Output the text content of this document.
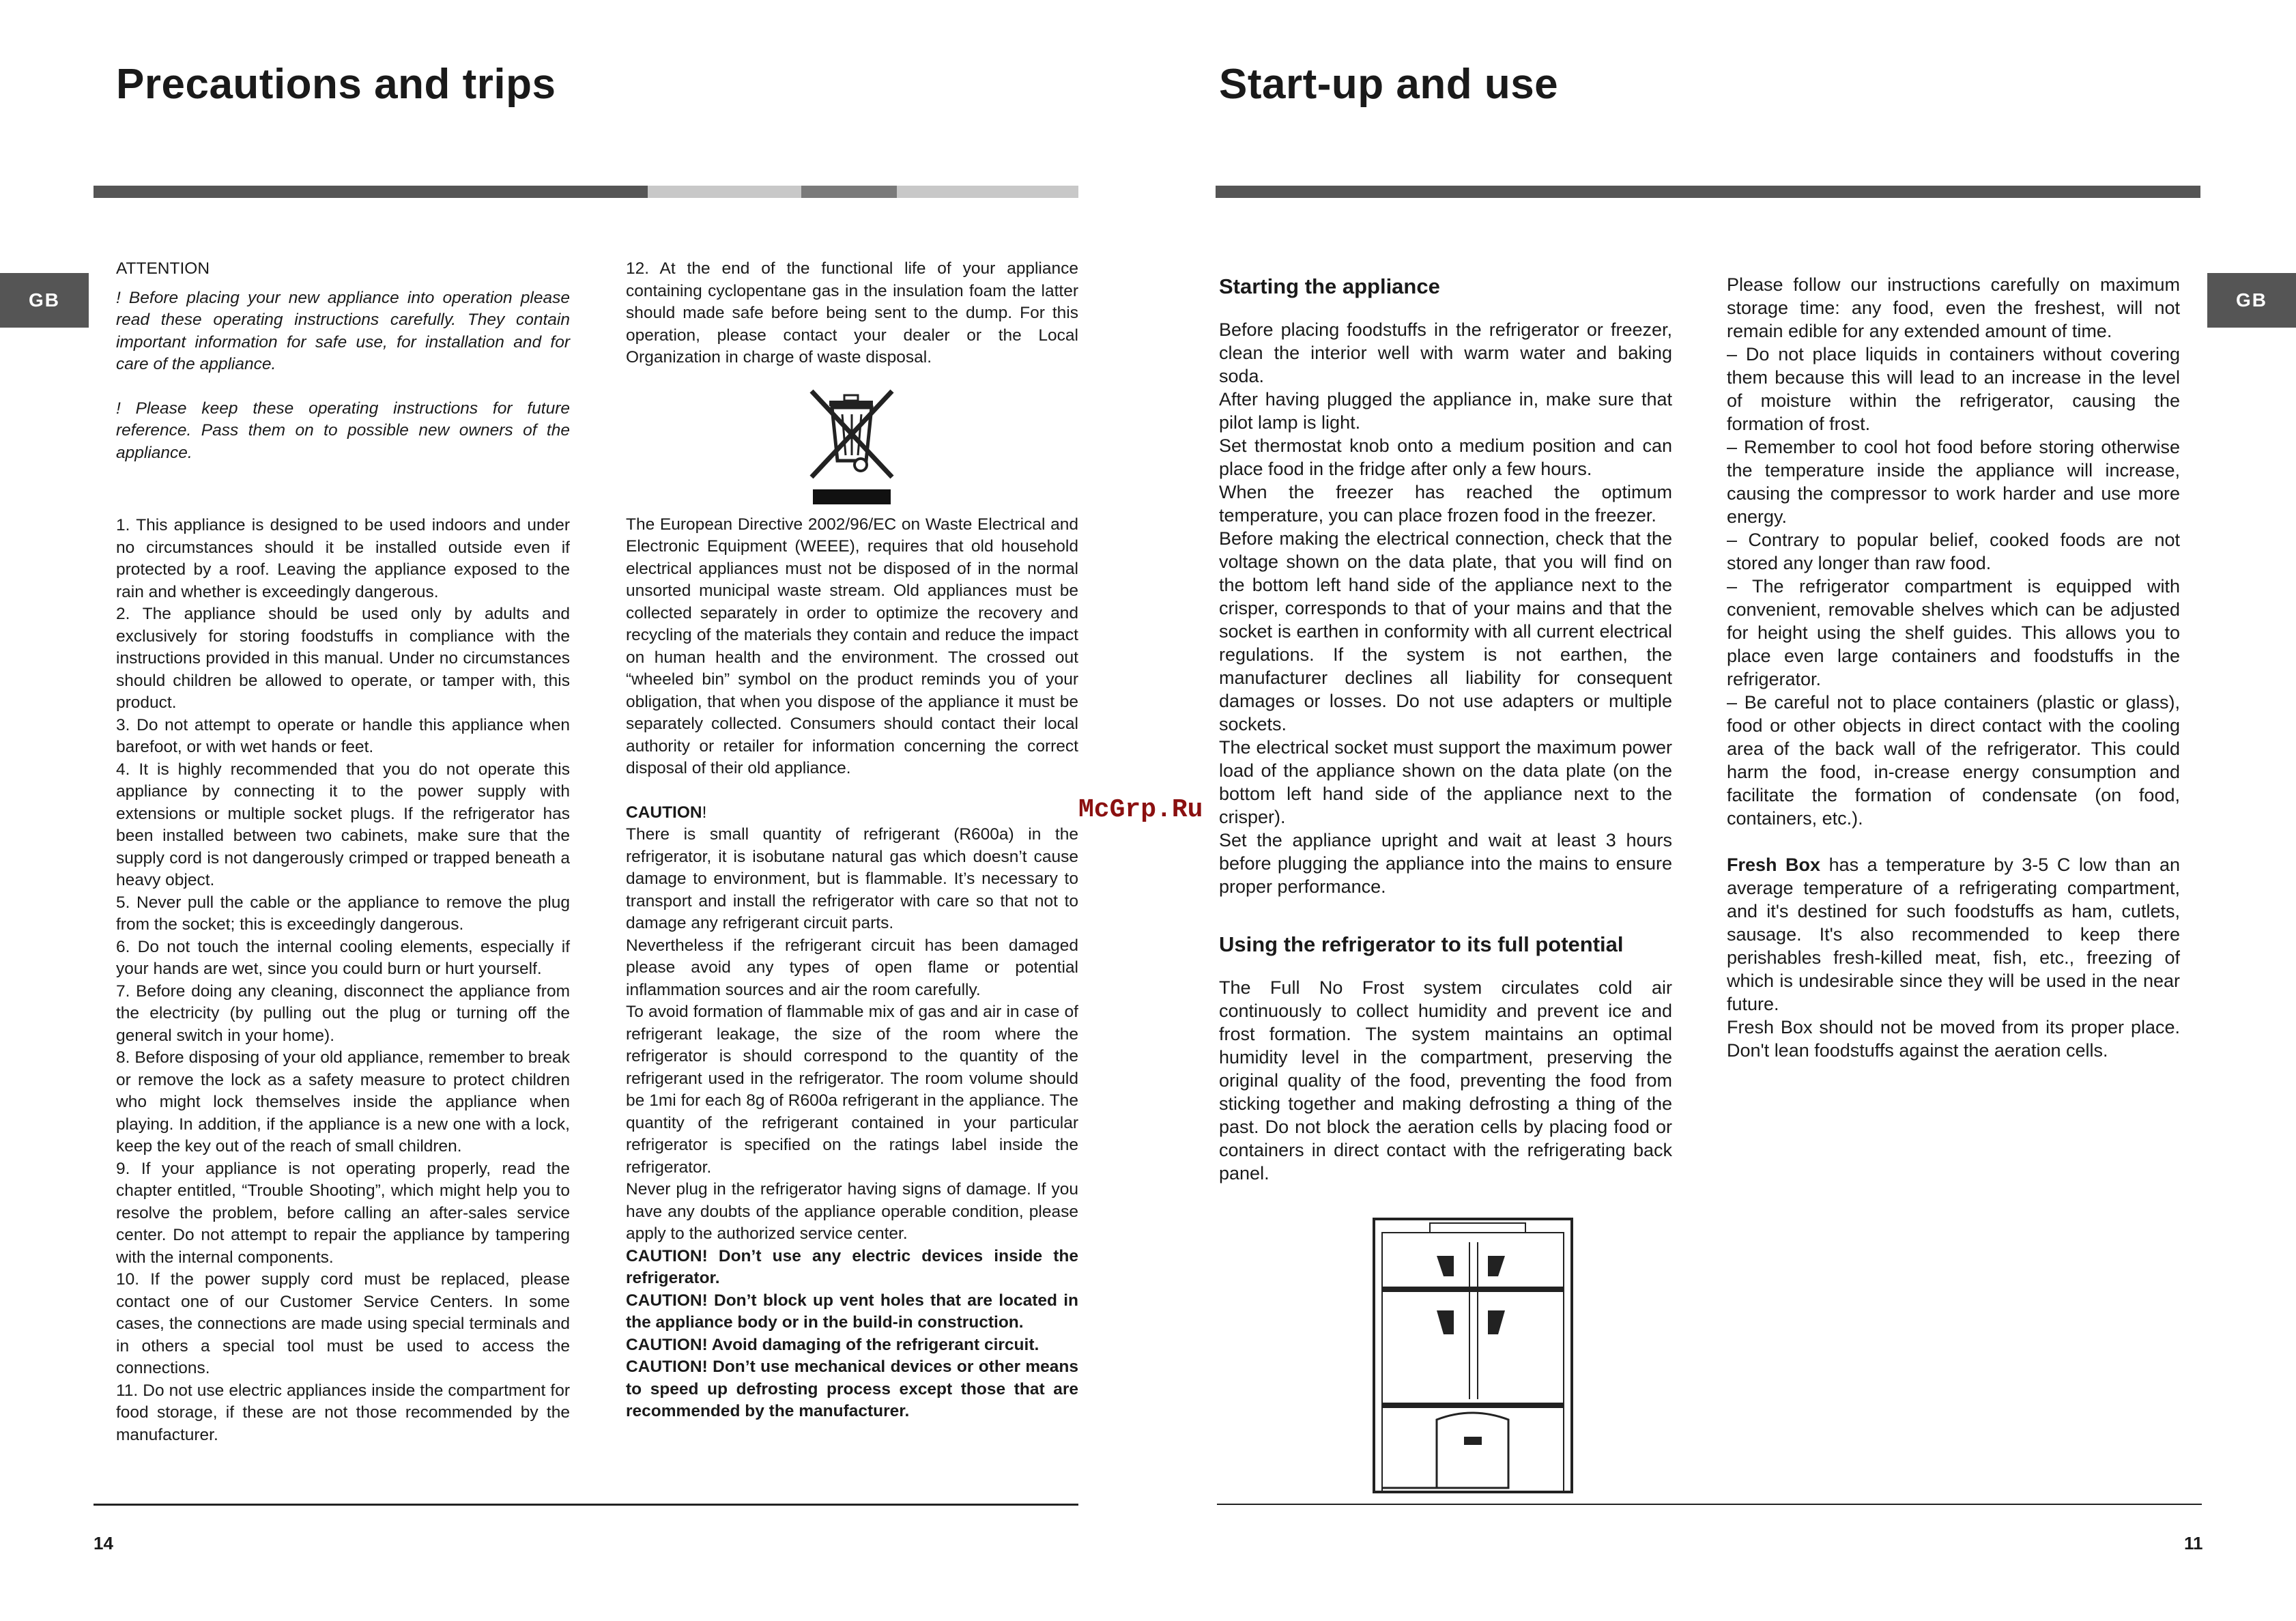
Precautions and trips
GB

ATTENTION

! Before placing your new appliance into operation please read these operating instructions carefully. They contain important information for safe use, for installation and for care of the appliance.

! Please keep these operating instructions for future reference. Pass them on to possible new owners of the appliance.

1. This appliance is designed to be used indoors and under no circumstances should it be installed outside even if protected by a roof. Leaving the appliance exposed to the rain and whether is exceedingly dangerous.

2. The appliance should be used only by adults and exclusively for storing foodstuffs in compliance with the instructions provided in this manual. Under no circumstances should children be allowed to operate, or tamper with, this product.

3. Do not attempt to operate or handle this appliance when barefoot, or with wet hands or feet.

4. It is highly recommended that you do not operate this appliance by connecting it to the power supply with extensions or multiple socket plugs. If the refrigerator has been installed between two cabinets, make sure that the supply cord is not dangerously crimped or trapped beneath a heavy object.

5. Never pull the cable or the appliance to remove the plug from the socket; this is exceedingly dangerous.

6. Do not touch the internal cooling elements, especially if your hands are wet, since you could burn or hurt yourself.

7. Before doing any cleaning, disconnect the appliance from the electricity (by pulling out the plug or turning off the general switch in your home).

8. Before disposing of your old appliance, remember to break or remove the lock as a safety measure to protect children who might lock themselves inside the appliance when playing. In addition, if the appliance is a new one with a lock, keep the key out of the reach of small children.

9. If your appliance is not operating properly, read the chapter entitled, “Trouble Shooting”, which might help you to resolve the problem, before calling an after-sales service center. Do not attempt to repair the appliance by tampering with the internal components.

10. If the power supply cord must be replaced, please contact one of our Customer Service Centers. In some cases, the connections are made using special terminals and in others a special tool must be used to access the connections.

11. Do not use electric appliances inside the compartment for food storage, if these are not those recommended by the manufacturer.

12. At the end of the functional life of your appliance containing cyclopentane gas in the insulation foam the latter should made safe before being sent to the dump. For this operation, please contact your dealer or the Local Organization in charge of waste disposal.

The European Directive 2002/96/EC on Waste Electrical and Electronic Equipment (WEEE), requires that old household electrical appliances must not be disposed of in the normal unsorted municipal waste stream. Old appliances must be collected separately in order to optimize the recovery and recycling of the materials they contain and reduce the impact on human health and the environment. The crossed out “wheeled bin” symbol on the product reminds you of your obligation, that when you dispose of the appliance it must be separately collected. Consumers should contact their local authority or retailer for information concerning the correct disposal of their old appliance.

CAUTION!

There is small quantity of refrigerant (R600a) in the refrigerator, it is isobutane natural gas which doesn’t cause damage to environment, but is flammable. It’s necessary to transport and install the refrigerator with care so that not to damage any refrigerant circuit parts.

Nevertheless if the refrigerant circuit has been damaged please avoid any types of open flame or potential inflammation sources and air the room carefully.

To avoid formation of flammable mix of gas and air in case of refrigerant leakage, the size of the room where the refrigerator is should correspond to the quantity of the refrigerant used in the refrigerator. The room volume should be 1mi for each 8g of R600a refrigerant in the appliance. The quantity of the refrigerant contained in your particular refrigerator is specified on the ratings label inside the refrigerator.

Never plug in the refrigerator having signs of damage. If you have any doubts of the appliance operable condition, please apply to the authorized service center.

CAUTION! Don’t use any electric devices inside the refrigerator.

CAUTION! Don’t block up vent holes that are located in the appliance body or in the build-in construction.

CAUTION! Avoid damaging of the refrigerant circuit.

CAUTION! Don’t use mechanical devices or other means to speed up defrosting process except those that are recommended by the manufacturer.

14
Start-up and use
GB

Starting the appliance

Before placing foodstuffs in the refrigerator or freezer, clean the interior well with warm water and baking soda.

After having plugged the appliance in, make sure that pilot lamp is light.

Set thermostat knob onto a medium position and can place food in the fridge after only a few hours.

When the freezer has reached the optimum temperature, you can place frozen food in the freezer.

Before making the electrical connection, check that the voltage shown on the data plate, that you will find on the bottom left hand side of the appliance next to the crisper, corresponds to that of your mains and that the socket is earthen in conformity with all current electrical regulations. If the system is not earthen, the manufacturer declines all liability for consequent damages or losses. Do not use adapters or multiple sockets.

The electrical socket must support the maximum power load of the appliance shown on the data plate (on the bottom left hand side of the appliance next to the crisper).

Set the appliance upright and wait at least 3 hours before plugging the appliance into the mains to ensure proper performance.

Using the refrigerator to its full potential

The Full No Frost system circulates cold air continuously to collect humidity and prevent ice and frost formation. The system maintains an optimal humidity level in the compartment, preserving the original quality of the food, preventing the food from sticking together and making defrosting a thing of the past. Do not block the aeration cells by placing food or containers in direct contact with the refrigerating back panel.

Please follow our instructions carefully on maximum storage time: any food, even the freshest, will not remain edible for any extended amount of time.

– Do not place liquids in containers without covering them because this will lead to an increase in the level of moisture within the refrigerator, causing the formation of frost.

– Remember to cool hot food before storing otherwise the temperature inside the appliance will increase, causing the compressor to work harder and use more energy.

– Contrary to popular belief, cooked foods are not stored any longer than raw food.

– The refrigerator compartment is equipped with convenient, removable shelves which can be adjusted for height using the shelf guides. This allows you to place even large containers and foodstuffs in the refrigerator.

– Be careful not to place containers (plastic or glass), food or other objects in direct contact with the cooling area of the back wall of the refrigerator. This could harm the food, in-crease energy consumption and facilitate the formation of condensate (on food, containers, etc.).

Fresh Box has a temperature by 3-5 C low than an average temperature of a refrigerating compartment, and it's destined for such foodstuffs as ham, cutlets, sausage. It's also recommended to keep there perishables fresh-killed meat, fish, etc., freezing of which is undesirable since they will be used in the near future.

Fresh Box should not be moved from its proper place. Don't lean foodstuffs against the aeration cells.

11
McGrp.Ru
